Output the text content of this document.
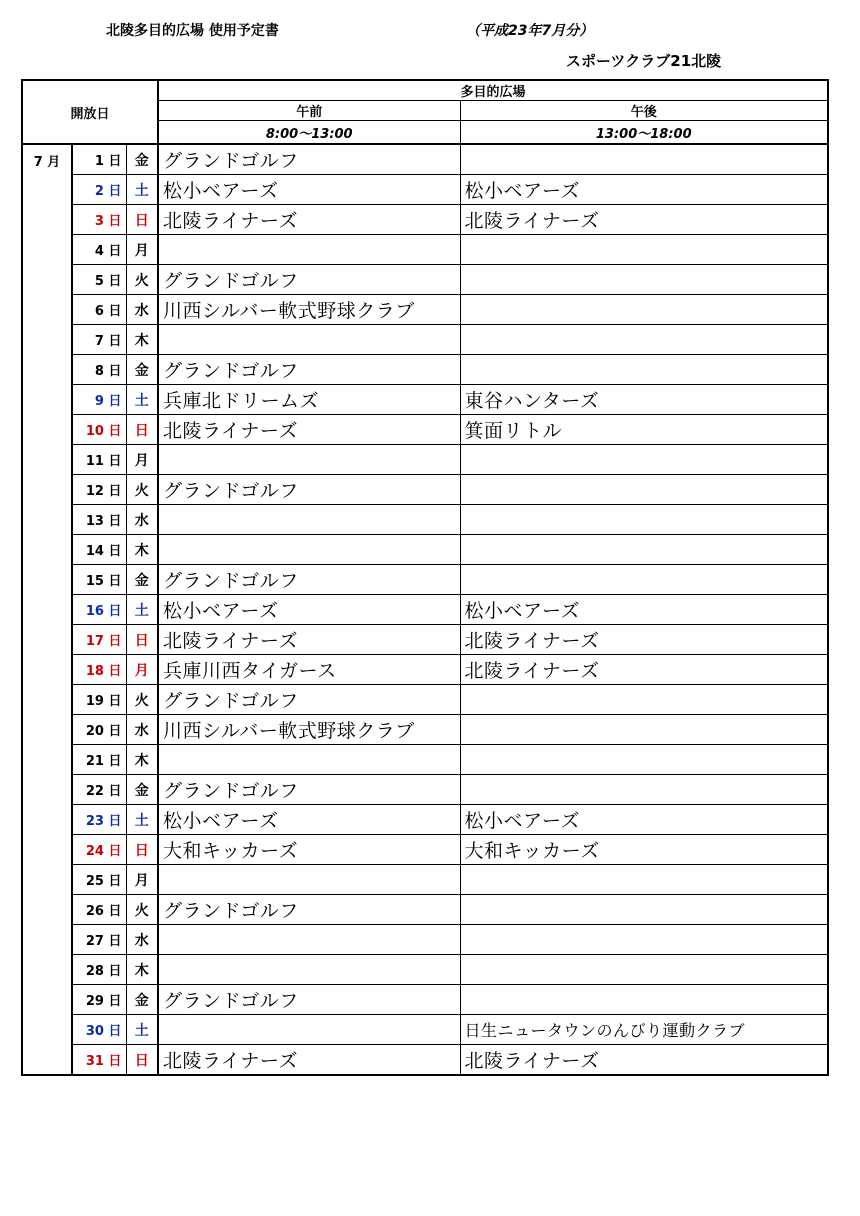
北陵多目的広場 使用予定書	（平成23年7月分）
スポーツクラブ21北陵
開放日			多目的広場	
			午前	午後
			8:00～13:00	13:00～18:00
7 月	1 日	金	グランドゴルフ	
	2 日	土	松小ベアーズ	松小ベアーズ
	3 日	日	北陵ライナーズ	北陵ライナーズ
	4 日	月		
	5 日	火	グランドゴルフ	
	6 日	水	川西シルバー軟式野球クラブ	
	7 日	木		
	8 日	金	グランドゴルフ	
	9 日	土	兵庫北ドリームズ	東谷ハンターズ
	10 日	日	北陵ライナーズ	箕面リトル
	11 日	月		
	12 日	火	グランドゴルフ	
	13 日	水		
	14 日	木		
	15 日	金	グランドゴルフ	
	16 日	土	松小ベアーズ	松小ベアーズ
	17 日	日	北陵ライナーズ	北陵ライナーズ
	18 日	月	兵庫川西タイガース	北陵ライナーズ
	19 日	火	グランドゴルフ	
	20 日	水	川西シルバー軟式野球クラブ	
	21 日	木		
	22 日	金	グランドゴルフ	
	23 日	土	松小ベアーズ	松小ベアーズ
	24 日	日	大和キッカーズ	大和キッカーズ
	25 日	月		
	26 日	火	グランドゴルフ	
	27 日	水		
	28 日	木		
	29 日	金	グランドゴルフ	
	30 日	土		日生ニュータウンのんびり運動クラブ
	31 日	日	北陵ライナーズ	北陵ライナーズ
